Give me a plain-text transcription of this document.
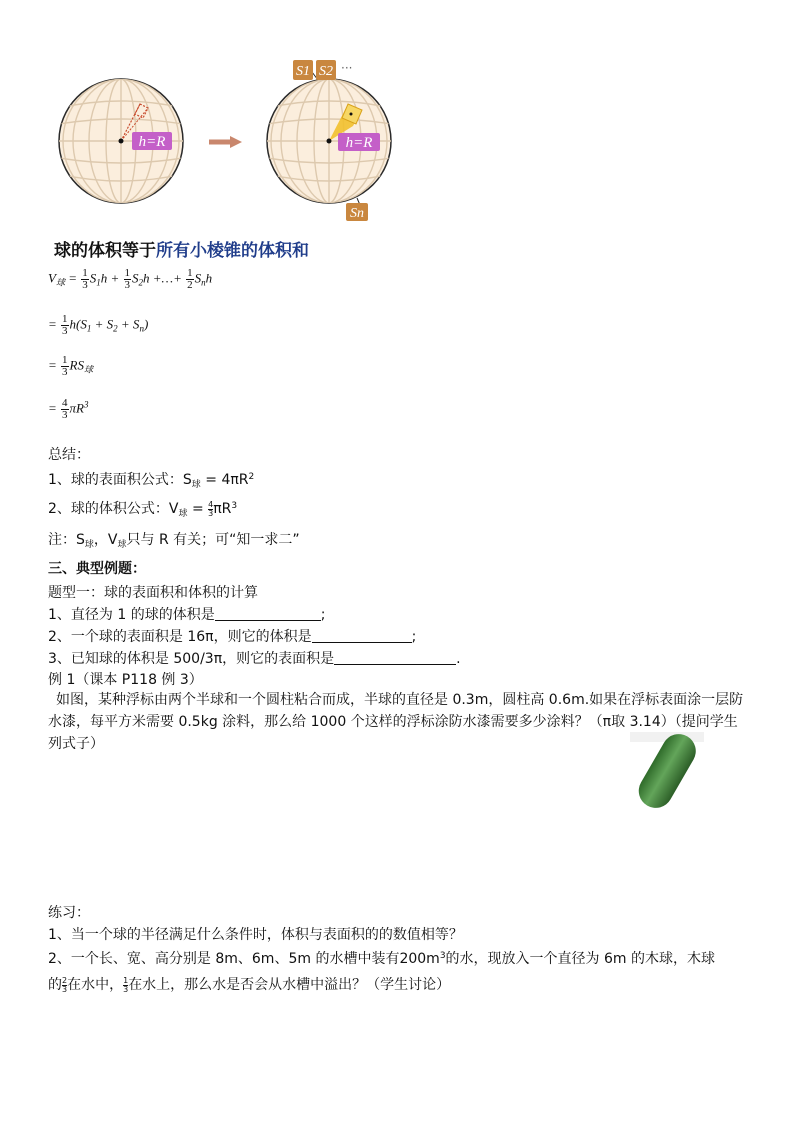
h=R	h=R
S1 S2 ···
Sn
球的体积等于所有小棱锥的体积和
$V_球 = \frac{1}{3} S_1h + \frac{1}{3} S_2h$ +…+ $\frac{1}{2} S_nh$
= $\frac{1}{3} h(S_1 + S_2 + S_n)$
= $\frac{1}{3} RS_球$
= $\frac{4}{3} \pi R^3$
总结：
1、球的表面积公式：$S_球 = 4\pi R^2$
2、球的体积公式：$V_球 = \frac{4}{3} \pi R^3$
注：$S_球$，$V_球$只与 R 有关；可“知一求二”
三、典型例题：
题型一：球的表面积和体积的计算
1、直径为 1 的球的体积是	;
2、一个球的表面积是 16π，则它的体积是	;
3、已知球的体积是 500/3π，则它的表面积是	.
例 1（课本 P118 例 3）
如图，某种浮标由两个半球和一个圆柱粘合而成，半球的直径是 0.3m，圆柱高 0.6m.如果在浮标表面涂一层防水漆，每平方米需要 0.5kg 涂料，那么给 1000 个这样的浮标涂防水漆需要多少涂料？（π取 3.14）（提问学生列式子）
练习：
1、当一个球的半径满足什么条件时，体积与表面积的的数值相等？
2、一个长、宽、高分别是 8m、6m、5m 的水槽中装有$200m^3$的水，现放入一个直径为 6m 的木球，木球
的 $\frac{2}{3}$ 在水中， $\frac{1}{3}$ 在水上，那么水是否会从水槽中溢出？（学生讨论）
